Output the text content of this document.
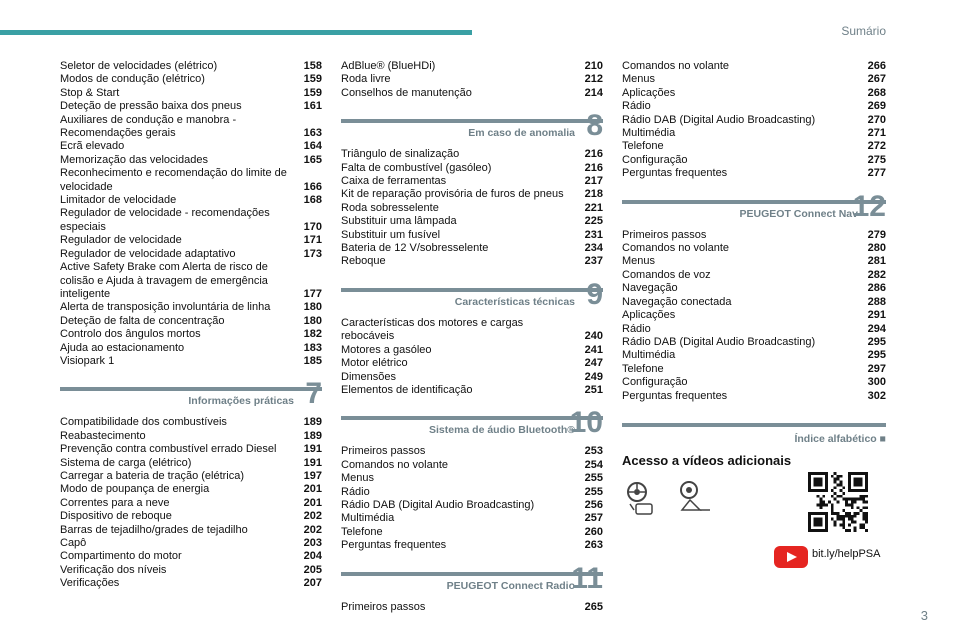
Sumário
Seletor de velocidades (elétrico)	158
Modos de condução (elétrico)	159
Stop & Start	159
Deteção de pressão baixa dos pneus	161
Auxiliares de condução e manobra - Recomendações gerais	163
Ecrã elevado	164
Memorização das velocidades	165
Reconhecimento e recomendação do limite de velocidade	166
Limitador de velocidade	168
Regulador de velocidade - recomendações especiais	170
Regulador de velocidade	171
Regulador de velocidade adaptativo	173
Active Safety Brake com Alerta de risco de colisão e Ajuda à travagem de emergência inteligente	177
Alerta de transposição involuntária de linha	180
Deteção de falta de concentração	180
Controlo dos ângulos mortos	182
Ajuda ao estacionamento	183
Visiopark 1	185
Informações práticas 7
Compatibilidade dos combustíveis	189
Reabastecimento	189
Prevenção contra combustível errado Diesel	191
Sistema de carga (elétrico)	191
Carregar a bateria de tração (elétrica)	197
Modo de poupança de energia	201
Correntes para a neve	201
Dispositivo de reboque	202
Barras de tejadilho/grades de tejadilho	202
Capô	203
Compartimento do motor	204
Verificação dos níveis	205
Verificações	207
AdBlue® (BlueHDi)	210
Roda livre	212
Conselhos de manutenção	214
Em caso de anomalia 8
Triângulo de sinalização	216
Falta de combustível (gasóleo)	216
Caixa de ferramentas	217
Kit de reparação provisória de furos de pneus	218
Roda sobresselente	221
Substituir uma lâmpada	225
Substituir um fusível	231
Bateria de 12 V/sobresselente	234
Reboque	237
Características técnicas 9
Características dos motores e cargas rebocáveis	240
Motores a gasóleo	241
Motor elétrico	247
Dimensões	249
Elementos de identificação	251
Sistema de áudio Bluetooth®
10
Primeiros passos	253
Comandos no volante	254
Menus	255
Rádio	255
Rádio DAB (Digital Audio Broadcasting)	256
Multimédia	257
Telefone	260
Perguntas frequentes	263
PEUGEOT Connect Radio
11
Primeiros passos	265
Comandos no volante	266
Menus	267
Aplicações	268
Rádio	269
Rádio DAB (Digital Audio Broadcasting)	270
Multimédia	271
Telefone	272
Configuração	275
Perguntas frequentes	277
PEUGEOT Connect Nav
12
Primeiros passos	279
Comandos no volante	280
Menus	281
Comandos de voz	282
Navegação	286
Navegação conectada	288
Aplicações	291
Rádio	294
Rádio DAB (Digital Audio Broadcasting)	295
Multimédia	295
Telefone	297
Configuração	300
Perguntas frequentes	302
Índice alfabético ■
Acesso a vídeos adicionais
bit.ly/helpPSA
3
